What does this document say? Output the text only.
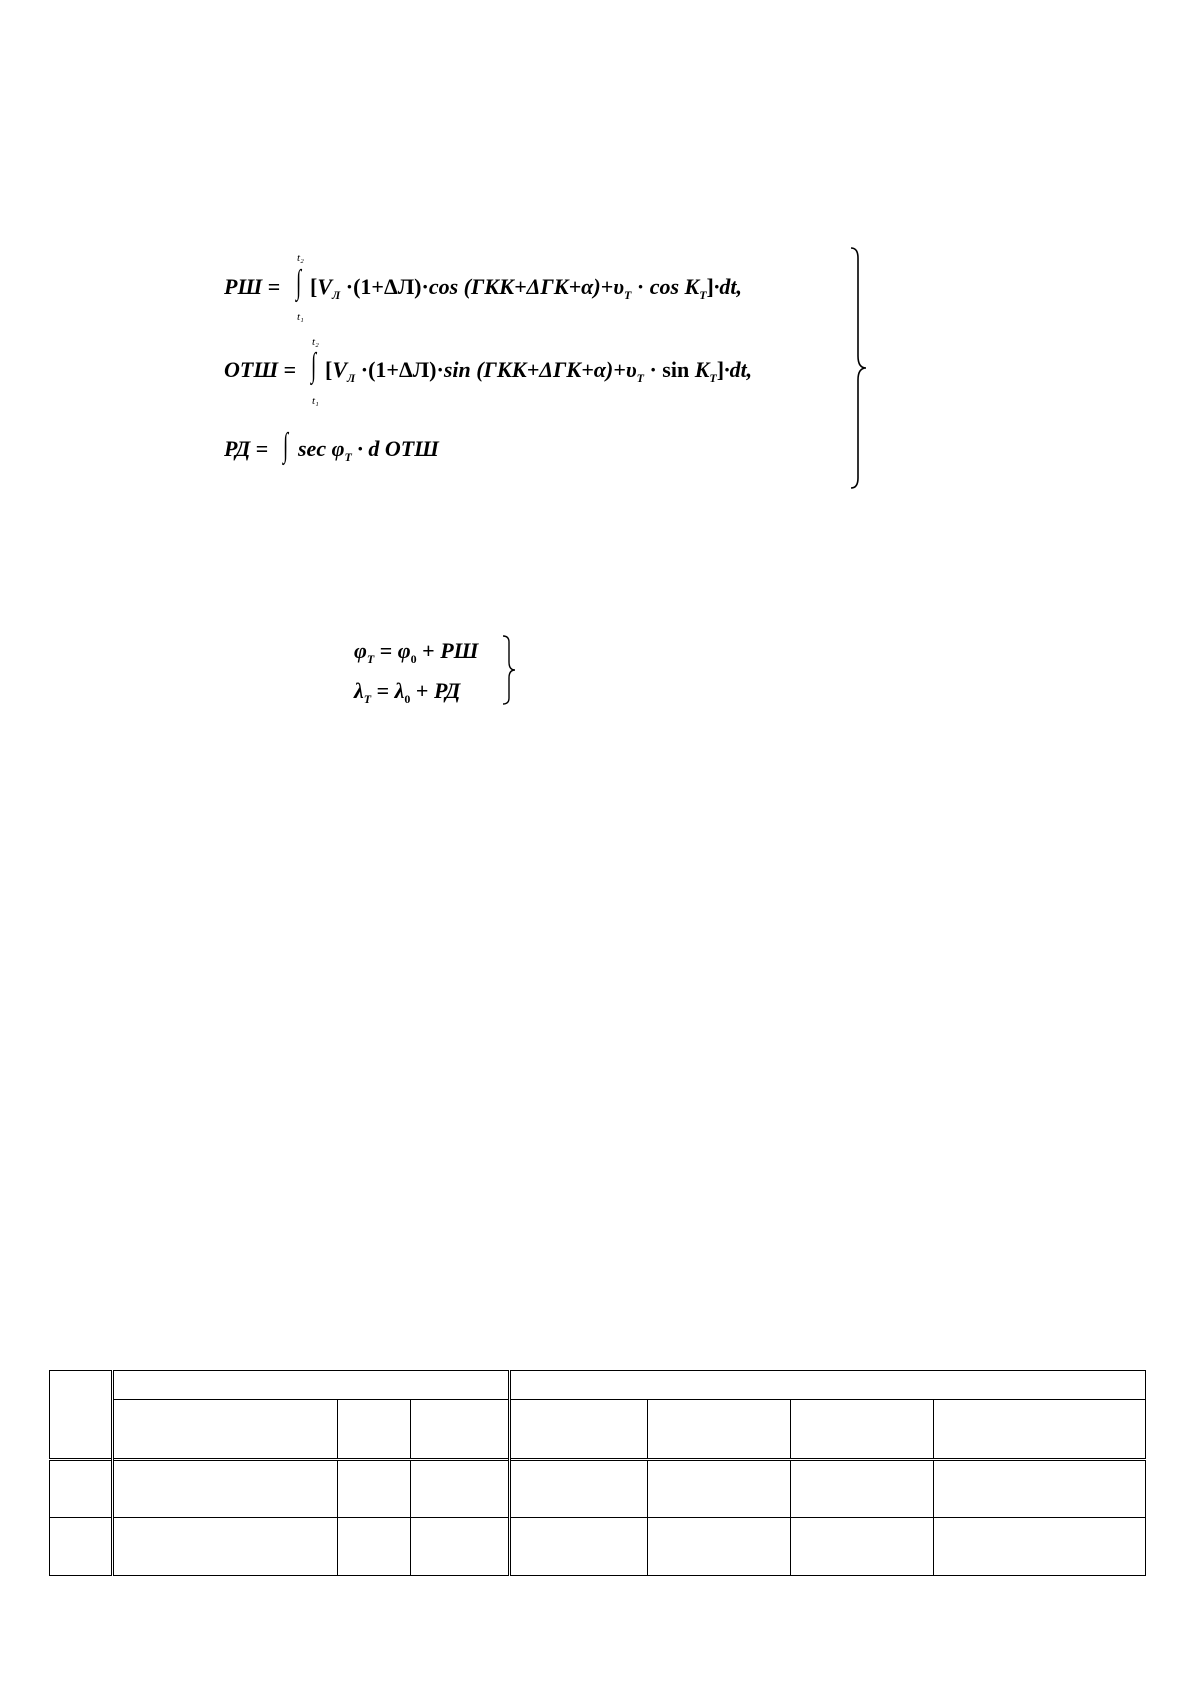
РШ =
t₂
∫
t₁
[$V_Л \cdot(1+\Delta Л)\cdot\cos$ $(ГКК+\Delta ГК+\alpha)+\upsilon_T \cdot \cos K_T]\cdot dt$,
ОТШ =
t₂
∫
t₁
[$V_Л \cdot(1+\Delta Л)\cdot\sin$ $(ГКК+\Delta ГК+\alpha)+\upsilon_T \cdot \sin K_T]\cdot dt$,
РД = ∫ $\sec \varphi_T \cdot d$ ОТШ
$\varphi_T = \varphi_0$ + РШ
$\lambda_T = \lambda_0$ + РД
